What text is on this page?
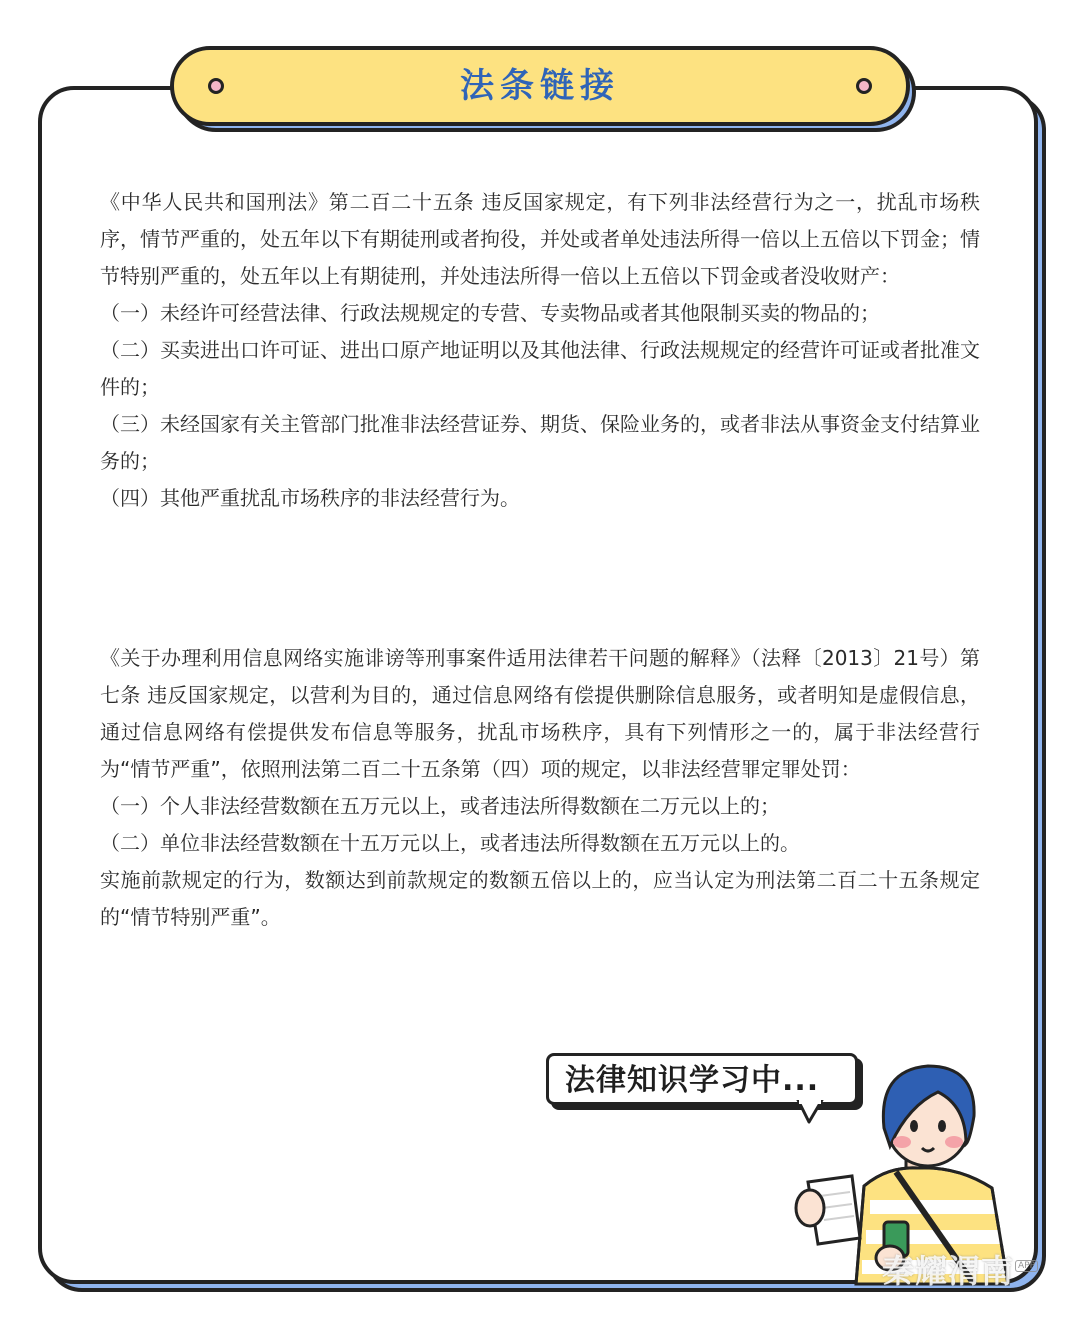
法条链接

《中华人民共和国刑法》第二百二十五条 违反国家规定，有下列非法经营行为之一，扰乱市场秩序，情节严重的，处五年以下有期徒刑或者拘役，并处或者单处违法所得一倍以上五倍以下罚金；情节特别严重的，处五年以上有期徒刑，并处违法所得一倍以上五倍以下罚金或者没收财产：

（一）未经许可经营法律、行政法规规定的专营、专卖物品或者其他限制买卖的物品的；

（二）买卖进出口许可证、进出口原产地证明以及其他法律、行政法规规定的经营许可证或者批准文件的；

（三）未经国家有关主管部门批准非法经营证券、期货、保险业务的，或者非法从事资金支付结算业务的；

（四）其他严重扰乱市场秩序的非法经营行为。

《关于办理利用信息网络实施诽谤等刑事案件适用法律若干问题的解释》（法释〔2013〕21号）第七条 违反国家规定，以营利为目的，通过信息网络有偿提供删除信息服务，或者明知是虚假信息，通过信息网络有偿提供发布信息等服务，扰乱市场秩序，具有下列情形之一的，属于非法经营行为“情节严重”，依照刑法第二百二十五条第（四）项的规定，以非法经营罪定罪处罚：

（一）个人非法经营数额在五万元以上，或者违法所得数额在二万元以上的；

（二）单位非法经营数额在十五万元以上，或者违法所得数额在五万元以上的。

实施前款规定的行为，数额达到前款规定的数额五倍以上的，应当认定为刑法第二百二十五条规定的“情节特别严重”。

法律知识学习中...
秦耀渭南 APP
